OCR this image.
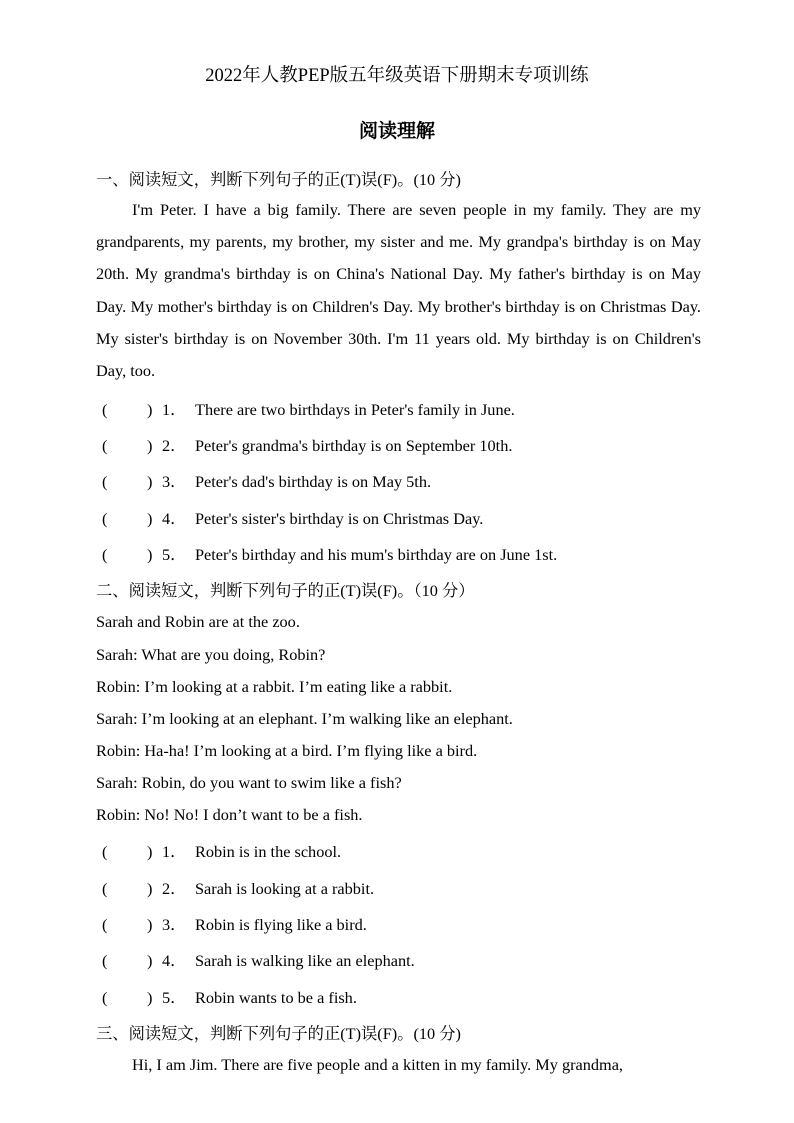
2022年人教PEP版五年级英语下册期末专项训练
阅读理解
一、阅读短文，判断下列句子的正(T)误(F)。(10 分)
I'm Peter. I have a big family. There are seven people in my family. They are my grandparents, my parents, my brother, my sister and me. My grandpa's birthday is on May 20th. My grandma's birthday is on China's National Day. My father's birthday is on May Day. My mother's birthday is on Children's Day. My brother's birthday is on Christmas Day. My sister's birthday is on November 30th. I'm 11 years old. My birthday is on Children's Day, too.
( ) 1． There are two birthdays in Peter's family in June.
( ) 2． Peter's grandma's birthday is on September 10th.
( ) 3． Peter's dad's birthday is on May 5th.
( ) 4． Peter's sister's birthday is on Christmas Day.
( ) 5． Peter's birthday and his mum's birthday are on June 1st.
二、阅读短文，判断下列句子的正(T)误(F)。（10 分）
Sarah and Robin are at the zoo.
Sarah: What are you doing, Robin?
Robin: I’m looking at a rabbit. I’m eating like a rabbit.
Sarah: I’m looking at an elephant. I’m walking like an elephant.
Robin: Ha-ha! I’m looking at a bird. I’m flying like a bird.
Sarah: Robin, do you want to swim like a fish?
Robin: No! No! I don’t want to be a fish.
( ) 1． Robin is in the school.
( ) 2． Sarah is looking at a rabbit.
( ) 3． Robin is flying like a bird.
( ) 4． Sarah is walking like an elephant.
( ) 5． Robin wants to be a fish.
三、阅读短文，判断下列句子的正(T)误(F)。(10 分)
Hi, I am Jim. There are five people and a kitten in my family. My grandma,
